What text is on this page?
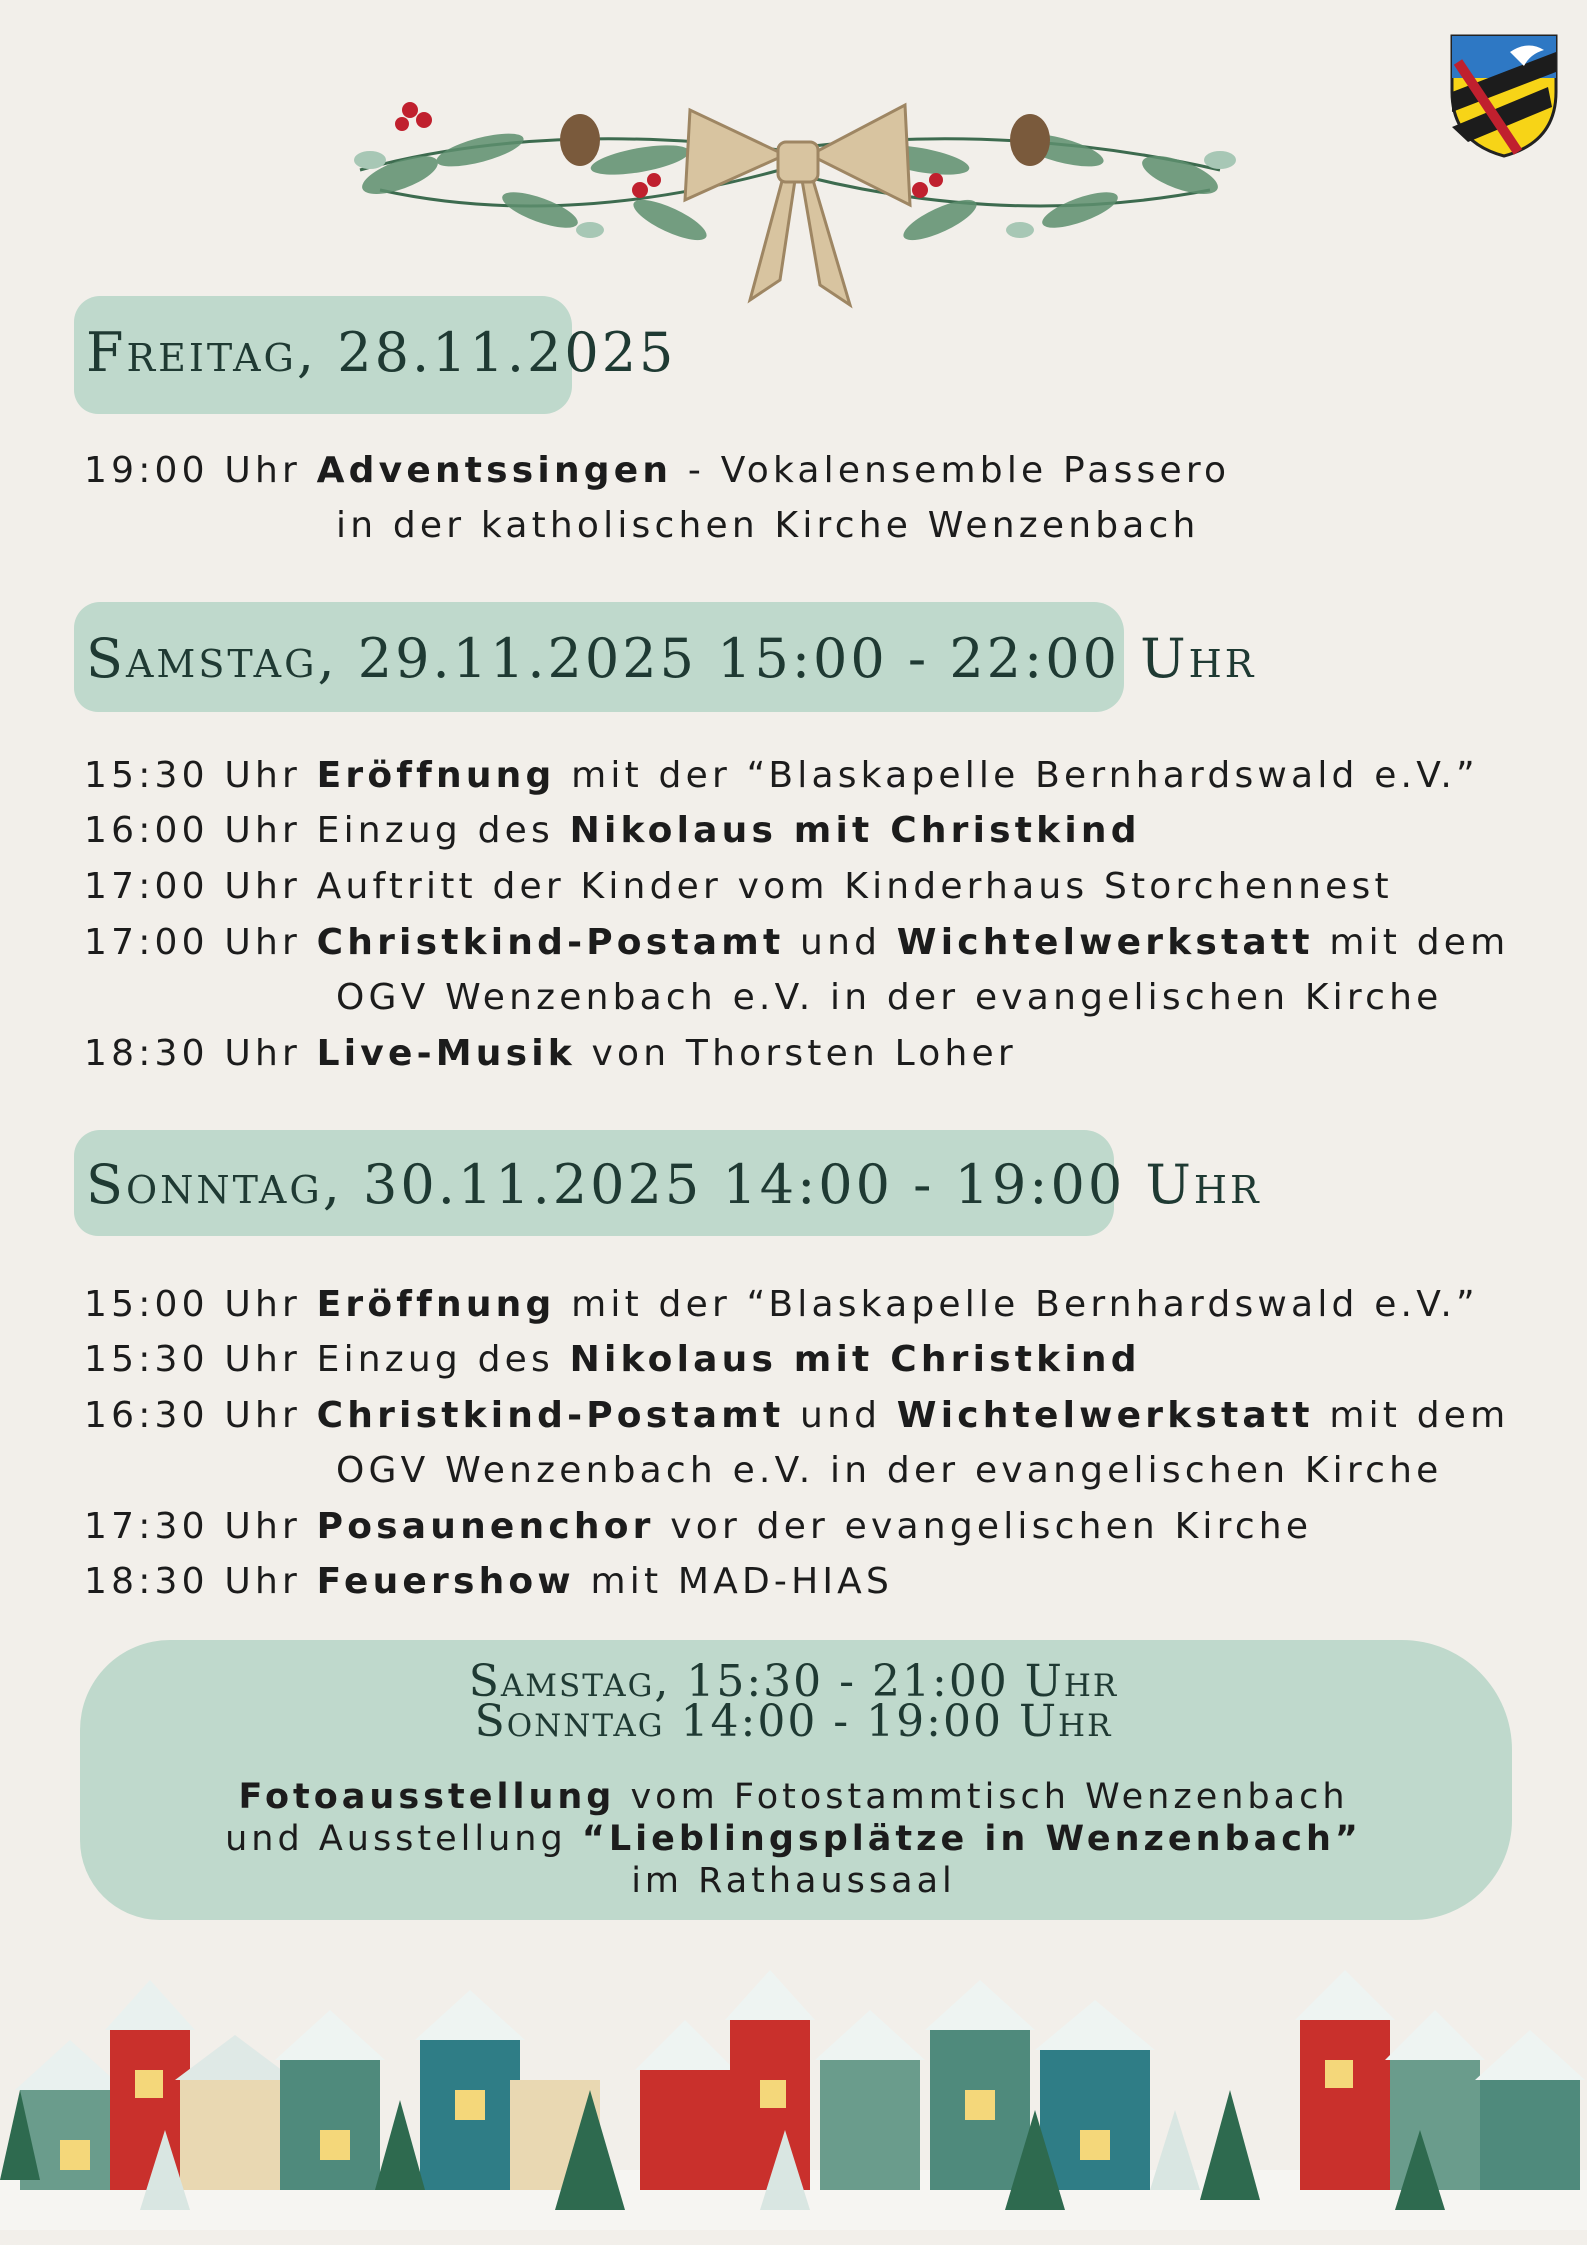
Freitag, 28.11.2025
19:00 Uhr Adventssingen - Vokalensemble Passero
in der katholischen Kirche Wenzenbach
Samstag, 29.11.2025 15:00 - 22:00 Uhr
15:30 Uhr Eröffnung mit der “Blaskapelle Bernhardswald e.V.”
16:00 Uhr Einzug des Nikolaus mit Christkind
17:00 Uhr Auftritt der Kinder vom Kinderhaus Storchennest
17:00 Uhr Christkind-Postamt und Wichtelwerkstatt mit dem
OGV Wenzenbach e.V. in der evangelischen Kirche
18:30 Uhr Live-Musik von Thorsten Loher
Sonntag, 30.11.2025 14:00 - 19:00 Uhr
15:00 Uhr Eröffnung mit der “Blaskapelle Bernhardswald e.V.”
15:30 Uhr Einzug des Nikolaus mit Christkind
16:30 Uhr Christkind-Postamt und Wichtelwerkstatt mit dem
OGV Wenzenbach e.V. in der evangelischen Kirche
17:30 Uhr Posaunenchor vor der evangelischen Kirche
18:30 Uhr Feuershow mit MAD-HIAS
Samstag, 15:30 - 21:00 Uhr
Sonntag 14:00 - 19:00 Uhr
Fotoausstellung vom Fotostammtisch Wenzenbach
und Ausstellung “Lieblingsplätze in Wenzenbach”
im Rathaussaal
